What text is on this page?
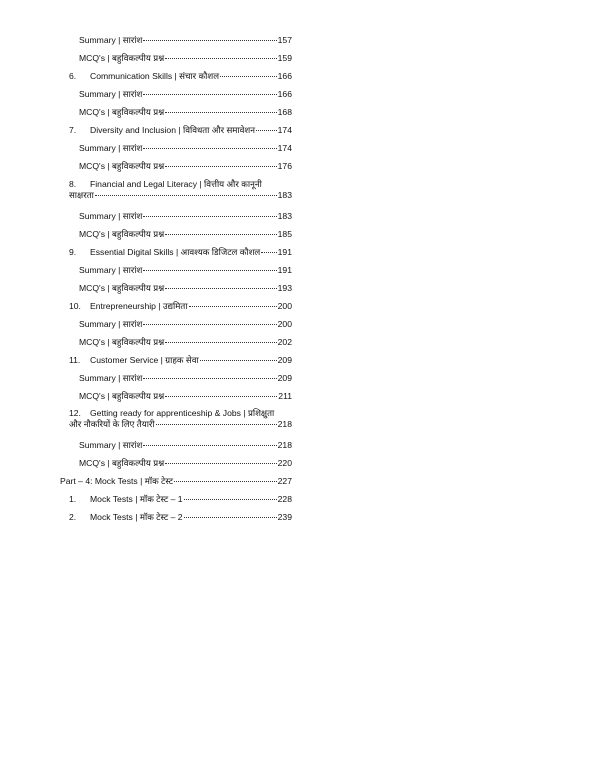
Summary | सारांश	157
MCQ's | बहुविकल्पीय प्रश्न	159
6.	Communication Skills | संचार कौशल	166
Summary | सारांश	166
MCQ's | बहुविकल्पीय प्रश्न	168
7.	Diversity and Inclusion | विविधता और समावेशन	174
Summary | सारांश	174
MCQ's | बहुविकल्पीय प्रश्न	176
8.	Financial and Legal Literacy | वित्तीय और कानूनी
साक्षरता	183
Summary | सारांश	183
MCQ's | बहुविकल्पीय प्रश्न	185
9.	Essential Digital Skills | आवश्यक डिजिटल कौशल 191
Summary | सारांश	191
MCQ's | बहुविकल्पीय प्रश्न	193
10.	Entrepreneurship | उद्यमिता	200
Summary | सारांश	200
MCQ's | बहुविकल्पीय प्रश्न	202
11.	Customer Service | ग्राहक सेवा	209
Summary | सारांश	209
MCQ's | बहुविकल्पीय प्रश्न	211
12.	Getting ready for apprenticeship & Jobs | प्रशिक्षुता
और नौकरियों के लिए तैयारी	218
Summary | सारांश	218
MCQ's | बहुविकल्पीय प्रश्न	220
Part – 4: Mock Tests | मॉक टेस्ट	227
1.	Mock Tests | मॉक टेस्ट – 1	228
2.	Mock Tests | मॉक टेस्ट – 2	239
